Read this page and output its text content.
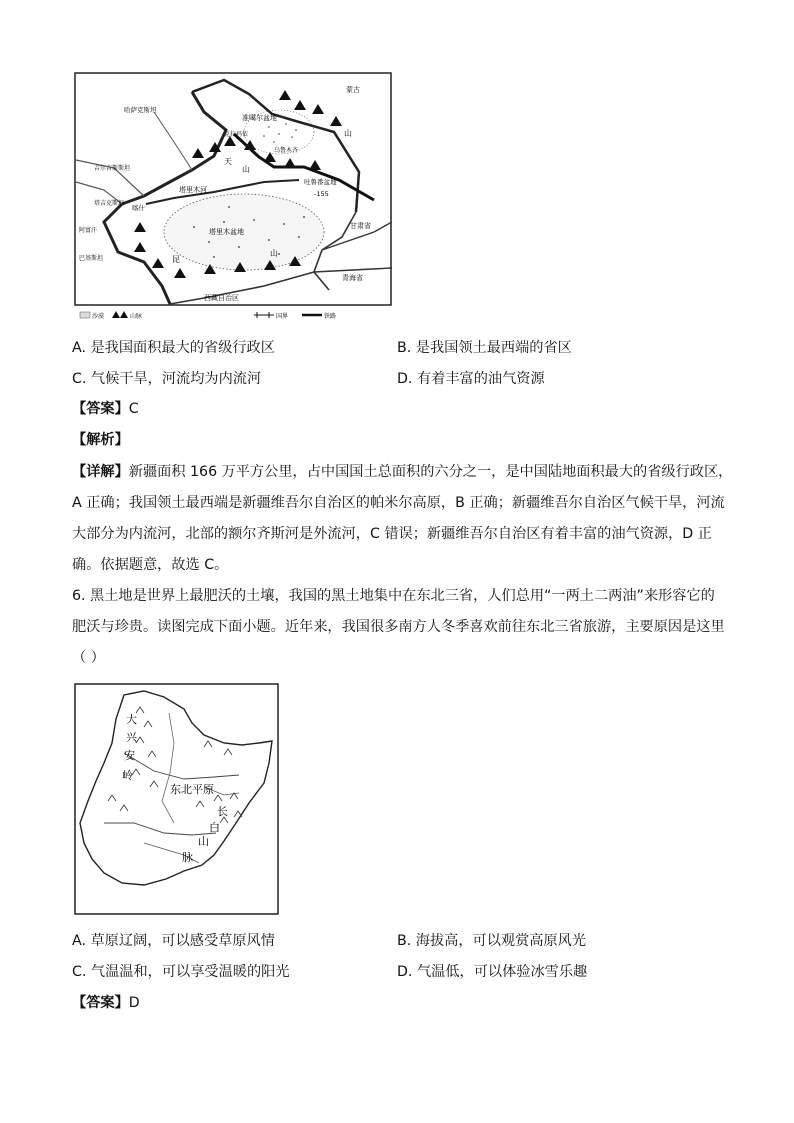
蒙古
哈萨克斯坦
吉尔吉斯斯坦
塔吉克斯坦
阿富汗
巴基斯坦
准噶尔盆地
克拉玛依
乌鲁木齐
山
天
山
吐鲁番盆地
-155
塔里木河
塔里木盆地
喀什
昆
山
甘肃省
青海省
西藏自治区
沙漠	山脉	国界	铁路
A. 是我国面积最大的省级行政区	B. 是我国领土最西端的省区
C. 气候干旱，河流均为内流河	D. 有着丰富的油气资源
【答案】C
【解析】
【详解】新疆面积 166 万平方公里，占中国国土总面积的六分之一，是中国陆地面积最大的省级行政区，
A 正确；我国领土最西端是新疆维吾尔自治区的帕米尔高原，B 正确；新疆维吾尔自治区气候干旱，河流
大部分为内流河，北部的额尔齐斯河是外流河，C 错误；新疆维吾尔自治区有着丰富的油气资源，D 正
确。依据题意，故选 C。
6. 黑土地是世界上最肥沃的土壤，我国的黑土地集中在东北三省，人们总用“一两土二两油”来形容它的
肥沃与珍贵。读图完成下面小题。近年来，我国很多南方人冬季喜欢前往东北三省旅游，主要原因是这里
（ ）
大
兴
安
岭
东北平原
长
白
山
脉
A. 草原辽阔，可以感受草原风情	B. 海拔高，可以观赏高原风光
C. 气温温和，可以享受温暖的阳光	D. 气温低，可以体验冰雪乐趣
【答案】D
